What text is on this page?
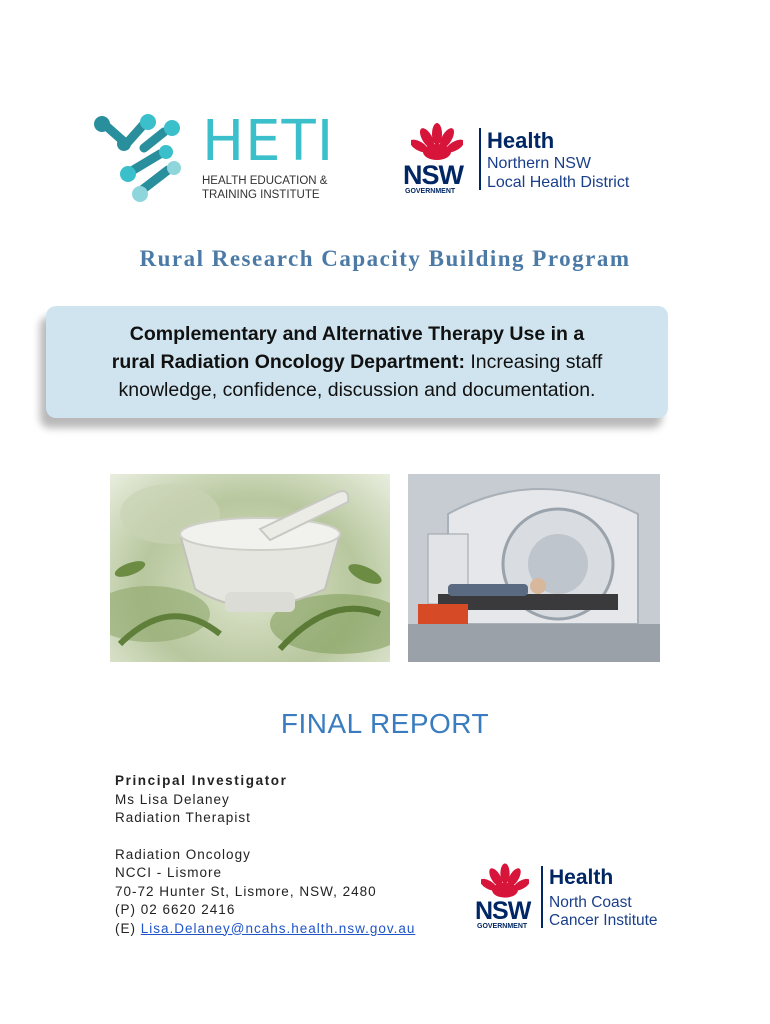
HETI
HEALTH EDUCATION &
TRAINING INSTITUTE
NSW
GOVERNMENT
Health
Northern NSW
Local Health District
Rural Research Capacity Building Program
Complementary and Alternative Therapy Use in a
rural Radiation Oncology Department: Increasing staff
knowledge, confidence, discussion and documentation.
FINAL REPORT
Principal Investigator
Ms Lisa Delaney
Radiation Therapist
Radiation Oncology
NCCI - Lismore
70-72 Hunter St, Lismore, NSW, 2480
(P) 02 6620 2416
(E) Lisa.Delaney@ncahs.health.nsw.gov.au
NSW
GOVERNMENT
Health
North Coast
Cancer Institute
